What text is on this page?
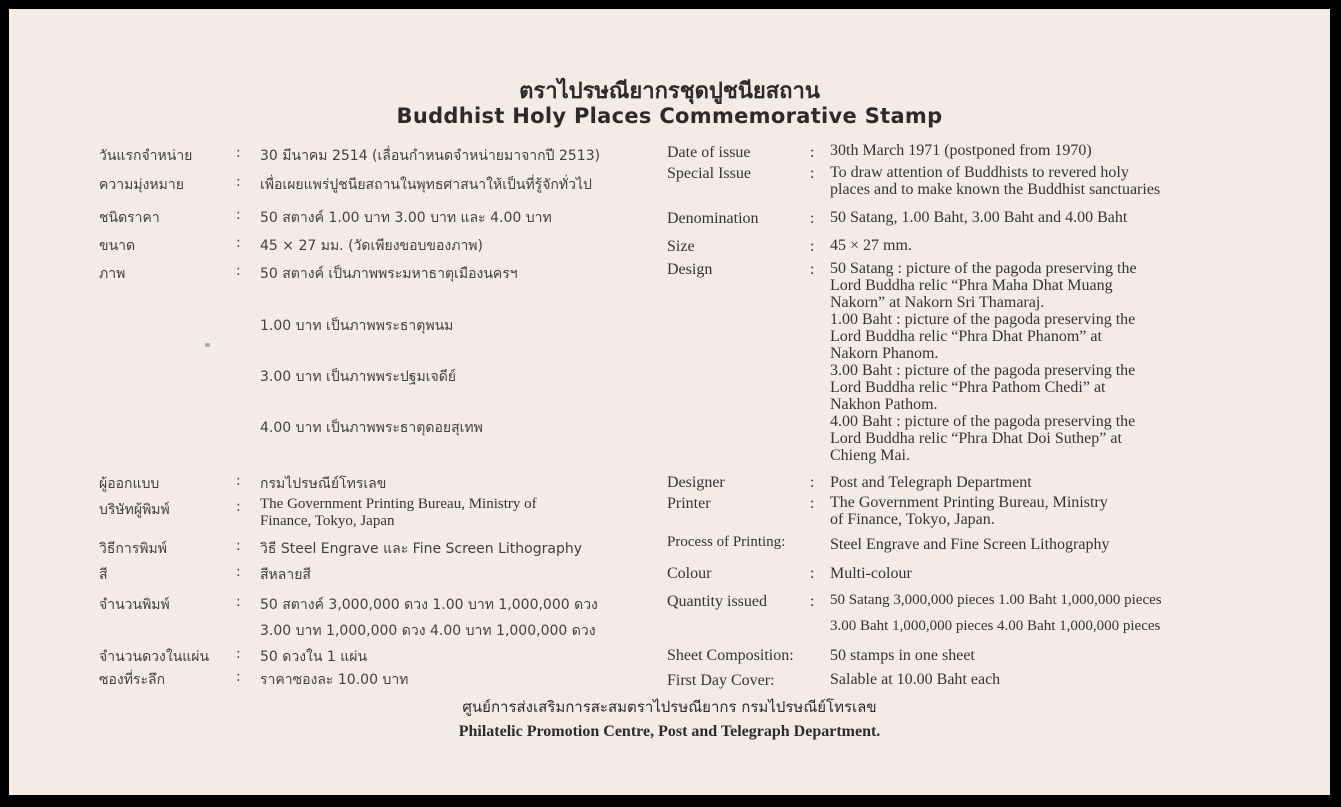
ตราไปรษณียากรชุดปูชนียสถาน
Buddhist Holy Places Commemorative Stamp
วันแรกจำหน่าย	: 30 มีนาคม 2514 (เลื่อนกำหนดจำหน่ายมาจากปี 2513)
ความมุ่งหมาย	: เพื่อเผยแพร่ปูชนียสถานในพุทธศาสนาให้เป็นที่รู้จักทั่วไป
ชนิดราคา	: 50 สตางค์ 1.00 บาท 3.00 บาท และ 4.00 บาท
ขนาด	: 45 × 27 มม. (วัดเพียงขอบของภาพ)
ภาพ	: 50 สตางค์ เป็นภาพพระมหาธาตุเมืองนครฯ
1.00 บาท เป็นภาพพระธาตุพนม
3.00 บาท เป็นภาพพระปฐมเจดีย์
4.00 บาท เป็นภาพพระธาตุดอยสุเทพ
ผู้ออกแบบ	: กรมไปรษณีย์โทรเลข
บริษัทผู้พิมพ์	: The Government Printing Bureau, Ministry of
Finance, Tokyo, Japan
วิธีการพิมพ์	: วิธี Steel Engrave และ Fine Screen Lithography
สี	: สีหลายสี
จำนวนพิมพ์	: 50 สตางค์ 3,000,000 ดวง 1.00 บาท 1,000,000 ดวง
3.00 บาท 1,000,000 ดวง 4.00 บาท 1,000,000 ดวง
จำนวนดวงในแผ่น : 50 ดวงใน 1 แผ่น
ซองที่ระลึก	: ราคาซองละ 10.00 บาท
Date of issue	: 30th March 1971 (postponed from 1970)
Special Issue	: To draw attention of Buddhists to revered holy
places and to make known the Buddhist sanctuaries
Denomination	: 50 Satang, 1.00 Baht, 3.00 Baht and 4.00 Baht
Size	: 45 × 27 mm.
Design	: 50 Satang : picture of the pagoda preserving the
Lord Buddha relic “Phra Maha Dhat Muang
Nakorn” at Nakorn Sri Thamaraj.
1.00 Baht : picture of the pagoda preserving the
Lord Buddha relic “Phra Dhat Phanom” at
Nakorn Phanom.
3.00 Baht : picture of the pagoda preserving the
Lord Buddha relic “Phra Pathom Chedi” at
Nakhon Pathom.
4.00 Baht : picture of the pagoda preserving the
Lord Buddha relic “Phra Dhat Doi Suthep” at
Chieng Mai.
Designer	: Post and Telegraph Department
Printer	: The Government Printing Bureau, Ministry
of Finance, Tokyo, Japan.
Process of Printing:	Steel Engrave and Fine Screen Lithography
Colour	: Multi-colour
Quantity issued	: 50 Satang 3,000,000 pieces 1.00 Baht 1,000,000 pieces
3.00 Baht 1,000,000 pieces 4.00 Baht 1,000,000 pieces
Sheet Composition: 50 stamps in one sheet
First Day Cover:	Salable at 10.00 Baht each
ศูนย์การส่งเสริมการสะสมตราไปรษณียากร กรมไปรษณีย์โทรเลข
Philatelic Promotion Centre, Post and Telegraph Department.
